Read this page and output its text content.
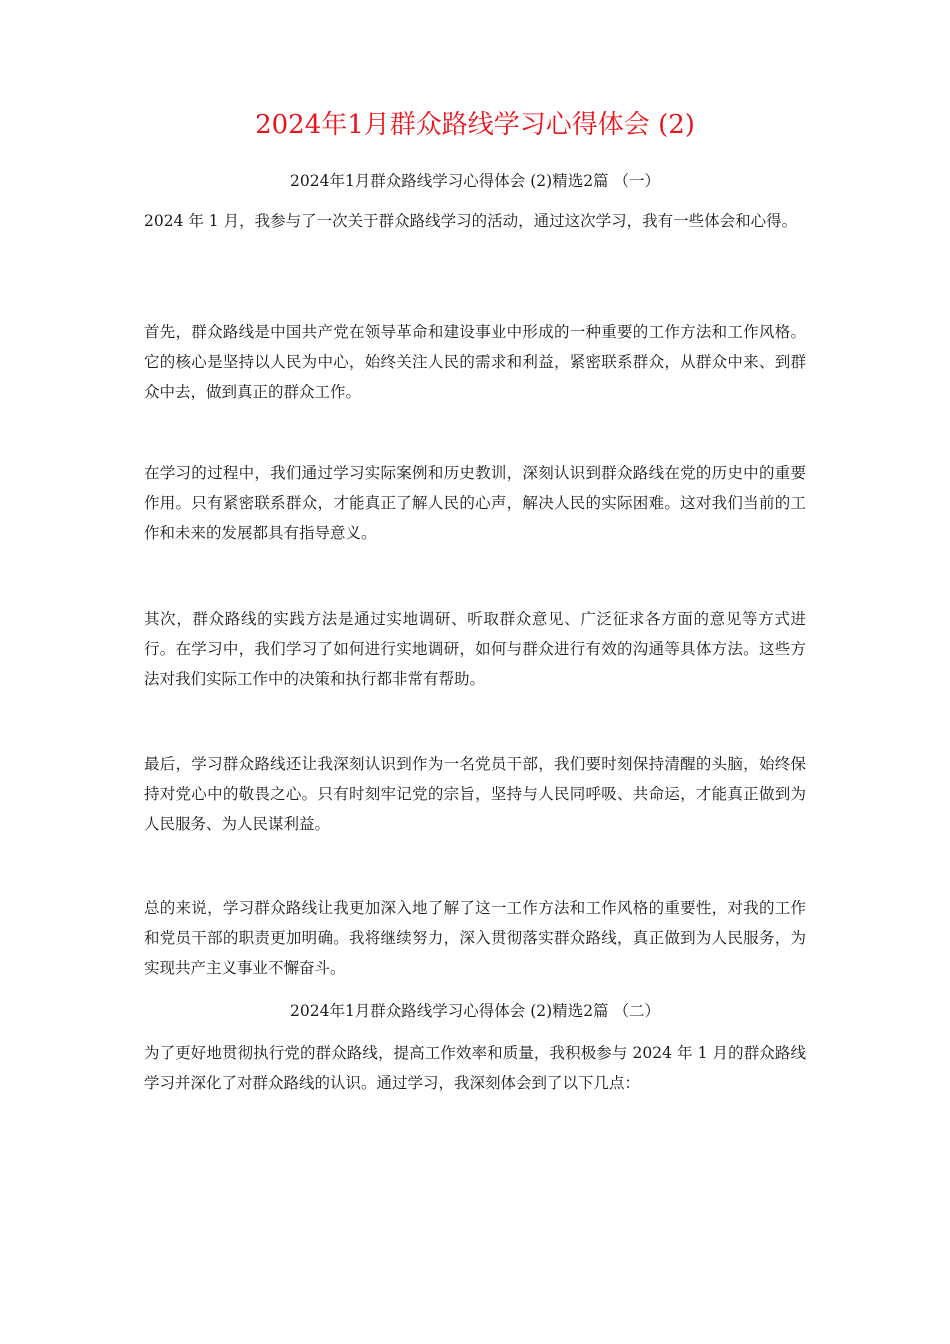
2024年1月群众路线学习心得体会 (2)
2024年1月群众路线学习心得体会 (2)精选2篇 （一）

2024 年 1 月，我参与了一次关于群众路线学习的活动，通过这次学习，我有一些体会和心得。

首先，群众路线是中国共产党在领导革命和建设事业中形成的一种重要的工作方法和工作风格。它的核心是坚持以人民为中心，始终关注人民的需求和利益，紧密联系群众，从群众中来、到群众中去，做到真正的群众工作。

在学习的过程中，我们通过学习实际案例和历史教训，深刻认识到群众路线在党的历史中的重要作用。只有紧密联系群众，才能真正了解人民的心声，解决人民的实际困难。这对我们当前的工作和未来的发展都具有指导意义。

其次，群众路线的实践方法是通过实地调研、听取群众意见、广泛征求各方面的意见等方式进行。在学习中，我们学习了如何进行实地调研，如何与群众进行有效的沟通等具体方法。这些方法对我们实际工作中的决策和执行都非常有帮助。

最后，学习群众路线还让我深刻认识到作为一名党员干部，我们要时刻保持清醒的头脑，始终保持对党心中的敬畏之心。只有时刻牢记党的宗旨，坚持与人民同呼吸、共命运，才能真正做到为人民服务、为人民谋利益。

总的来说，学习群众路线让我更加深入地了解了这一工作方法和工作风格的重要性，对我的工作和党员干部的职责更加明确。我将继续努力，深入贯彻落实群众路线，真正做到为人民服务，为实现共产主义事业不懈奋斗。

2024年1月群众路线学习心得体会 (2)精选2篇 （二）

为了更好地贯彻执行党的群众路线，提高工作效率和质量，我积极参与 2024 年 1 月的群众路线学习并深化了对群众路线的认识。通过学习，我深刻体会到了以下几点：
